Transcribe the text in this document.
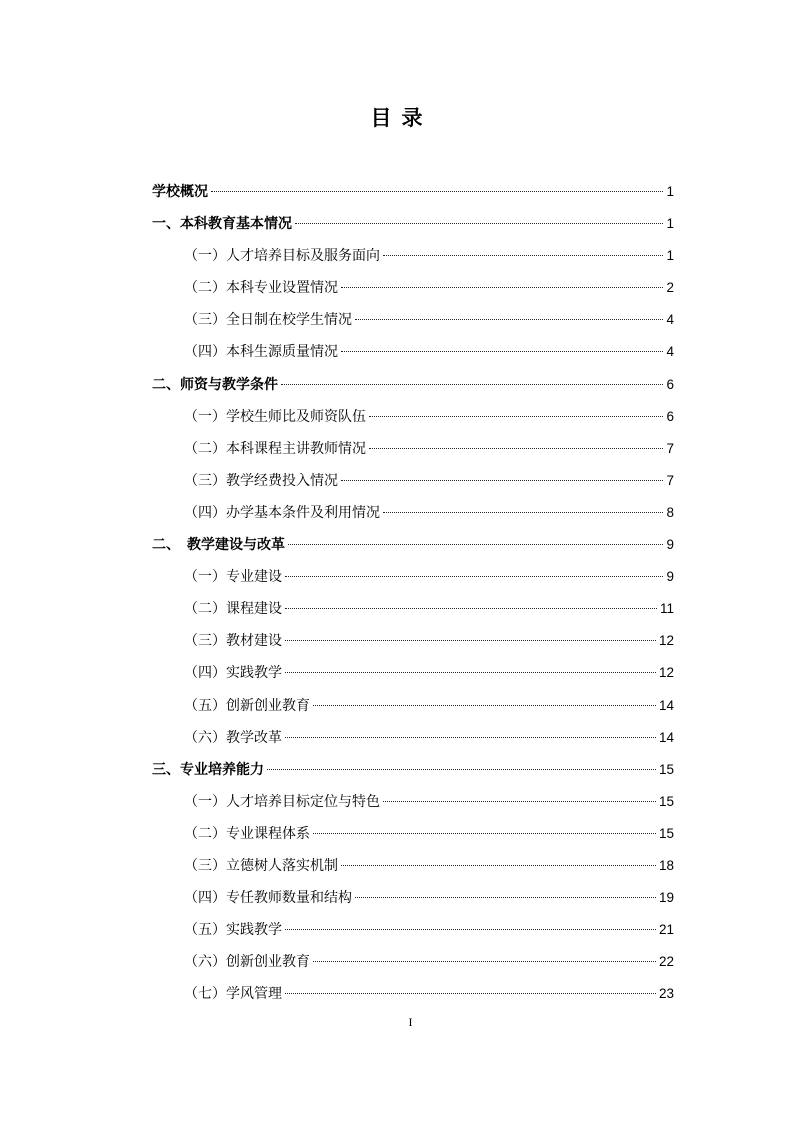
目录
学校概况	1
一、本科教育基本情况	1
（一）人才培养目标及服务面向	1
（二）本科专业设置情况	2
（三）全日制在校学生情况	4
（四）本科生源质量情况	4
二、师资与教学条件	6
（一）学校生师比及师资队伍	6
（二）本科课程主讲教师情况	7
（三）教学经费投入情况	7
（四）办学基本条件及利用情况	8
二、　教学建设与改革	9
（一）专业建设	9
（二）课程建设	11
（三）教材建设	12
（四）实践教学	12
（五）创新创业教育	14
（六）教学改革	14
三、专业培养能力	15
（一）人才培养目标定位与特色	15
（二）专业课程体系	15
（三）立德树人落实机制	18
（四）专任教师数量和结构	19
（五）实践教学	21
（六）创新创业教育	22
（七）学风管理	23
I
